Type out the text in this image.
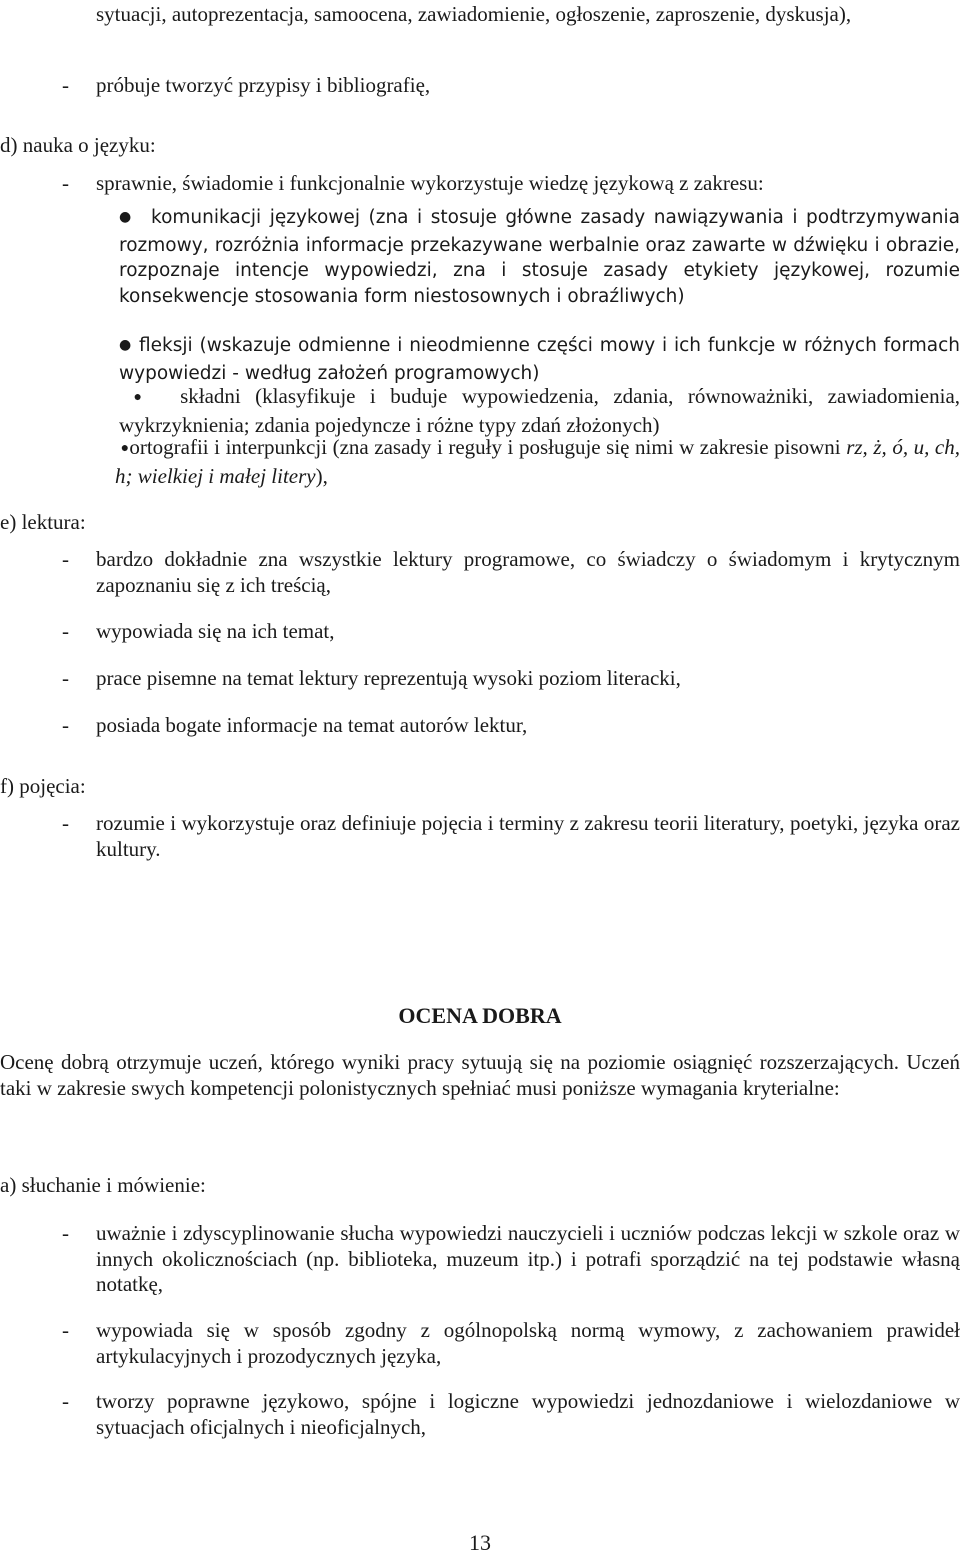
sytuacji, autoprezentacja, samoocena, zawiadomienie, ogłoszenie, zaproszenie, dyskusja),
- próbuje tworzyć przypisy i bibliografię,
d) nauka o języku:
- sprawnie, świadomie i funkcjonalnie wykorzystuje wiedzę językową z zakresu:
● komunikacji językowej (zna i stosuje główne zasady nawiązywania i podtrzymywania rozmowy, rozróżnia informacje przekazywane werbalnie oraz zawarte w dźwięku i obrazie, rozpoznaje intencje wypowiedzi, zna i stosuje zasady etykiety językowej, rozumie konsekwencje stosowania form niestosownych i obraźliwych)
● fleksji (wskazuje odmienne i nieodmienne części mowy i ich funkcje w różnych formach wypowiedzi - według założeń programowych)
● składni (klasyfikuje i buduje wypowiedzenia, zdania, równoważniki, zawiadomienia, wykrzyknienia; zdania pojedyncze i różne typy zdań złożonych)
●ortografii i interpunkcji (zna zasady i reguły i posługuje się nimi w zakresie pisowni rz, ż, ó, u, ch, h; wielkiej i małej litery),
e) lektura:
- bardzo dokładnie zna wszystkie lektury programowe, co świadczy o świadomym i krytycznym zapoznaniu się z ich treścią,
- wypowiada się na ich temat,
- prace pisemne na temat lektury reprezentują wysoki poziom literacki,
- posiada bogate informacje na temat autorów lektur,
f) pojęcia:
- rozumie i wykorzystuje oraz definiuje pojęcia i terminy z zakresu teorii literatury, poetyki, języka oraz kultury.
OCENA DOBRA
Ocenę dobrą otrzymuje uczeń, którego wyniki pracy sytuują się na poziomie osiągnięć rozszerzających. Uczeń taki w zakresie swych kompetencji polonistycznych spełniać musi poniższe wymagania kryterialne:
a) słuchanie i mówienie:
- uważnie i zdyscyplinowanie słucha wypowiedzi nauczycieli i uczniów podczas lekcji w szkole oraz w innych okolicznościach (np. biblioteka, muzeum itp.) i potrafi sporządzić na tej podstawie własną notatkę,
- wypowiada się w sposób zgodny z ogólnopolską normą wymowy, z zachowaniem prawideł artykulacyjnych i prozodycznych języka,
- tworzy poprawne językowo, spójne i logiczne wypowiedzi jednozdaniowe i wielozdaniowe w sytuacjach oficjalnych i nieoficjalnych,
13
